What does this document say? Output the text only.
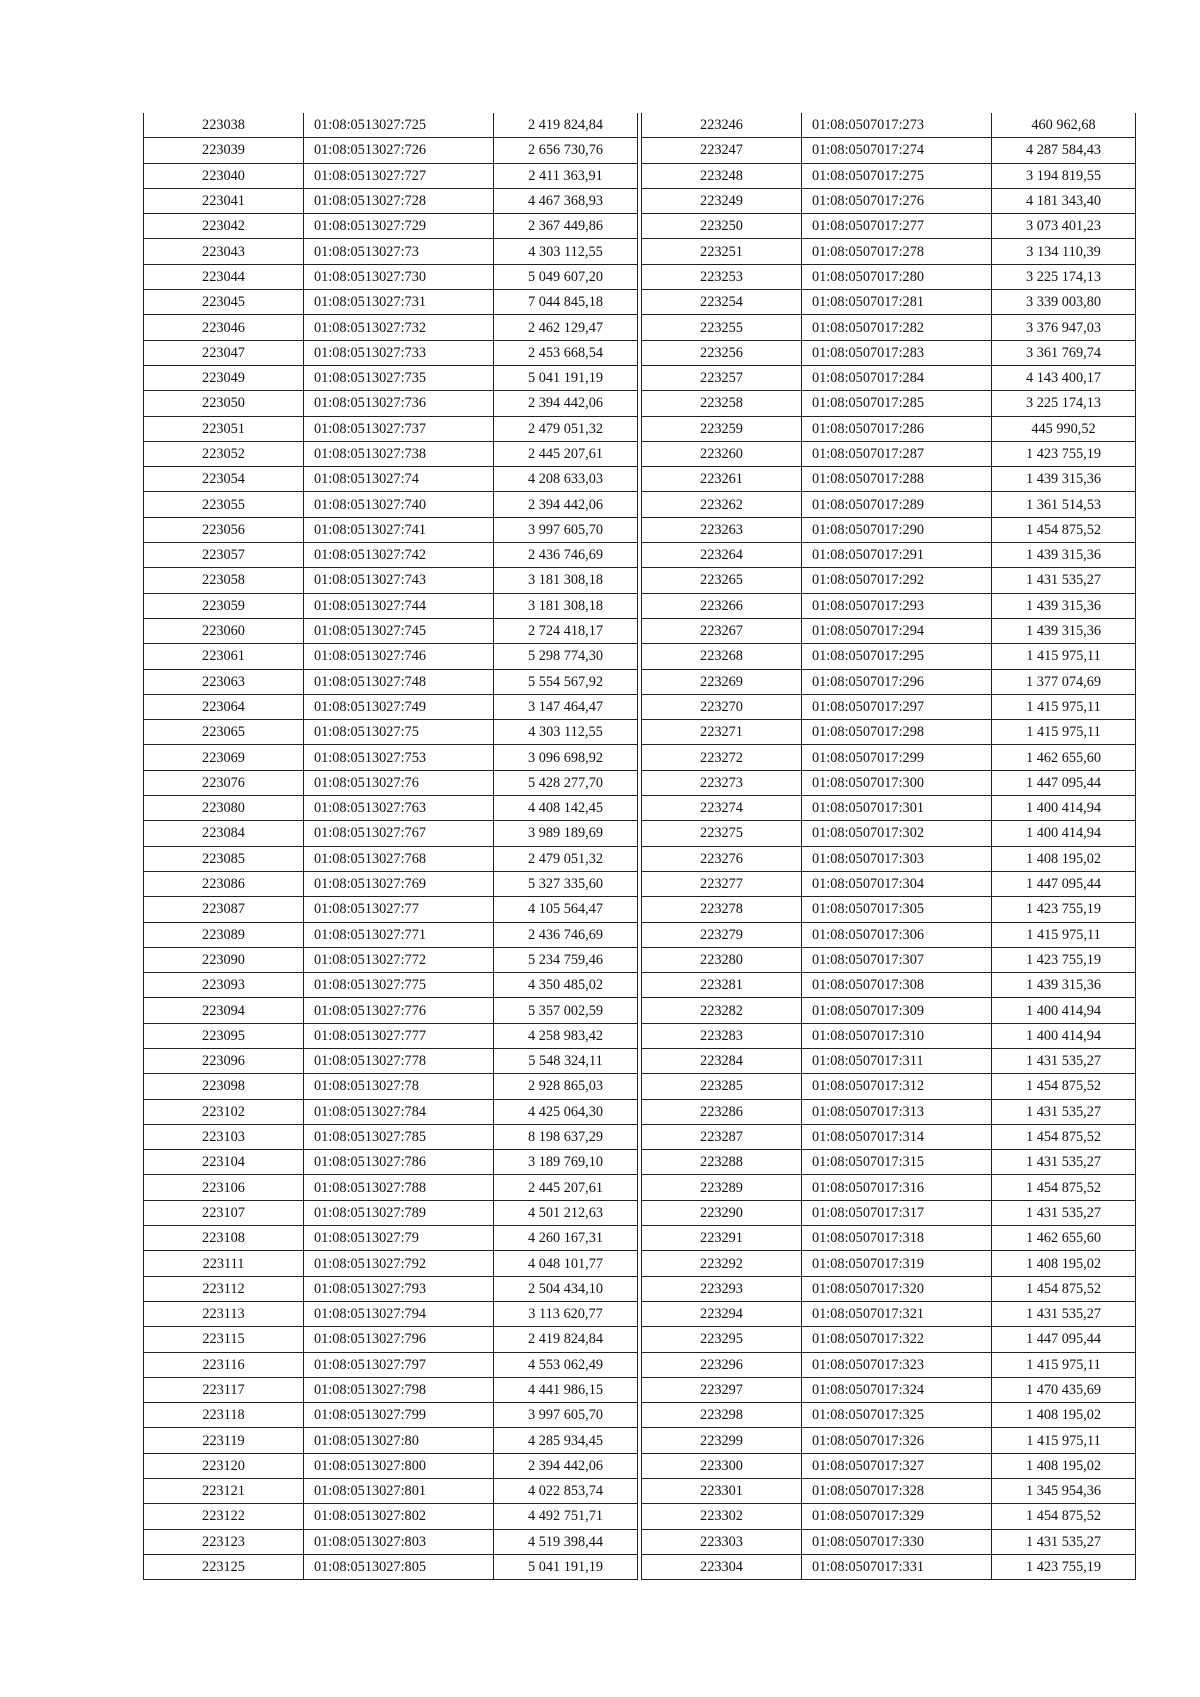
223038	01:08:0513027:725	2 419 824,84
223039	01:08:0513027:726	2 656 730,76
223040	01:08:0513027:727	2 411 363,91
223041	01:08:0513027:728	4 467 368,93
223042	01:08:0513027:729	2 367 449,86
223043	01:08:0513027:73	4 303 112,55
223044	01:08:0513027:730	5 049 607,20
223045	01:08:0513027:731	7 044 845,18
223046	01:08:0513027:732	2 462 129,47
223047	01:08:0513027:733	2 453 668,54
223049	01:08:0513027:735	5 041 191,19
223050	01:08:0513027:736	2 394 442,06
223051	01:08:0513027:737	2 479 051,32
223052	01:08:0513027:738	2 445 207,61
223054	01:08:0513027:74	4 208 633,03
223055	01:08:0513027:740	2 394 442,06
223056	01:08:0513027:741	3 997 605,70
223057	01:08:0513027:742	2 436 746,69
223058	01:08:0513027:743	3 181 308,18
223059	01:08:0513027:744	3 181 308,18
223060	01:08:0513027:745	2 724 418,17
223061	01:08:0513027:746	5 298 774,30
223063	01:08:0513027:748	5 554 567,92
223064	01:08:0513027:749	3 147 464,47
223065	01:08:0513027:75	4 303 112,55
223069	01:08:0513027:753	3 096 698,92
223076	01:08:0513027:76	5 428 277,70
223080	01:08:0513027:763	4 408 142,45
223084	01:08:0513027:767	3 989 189,69
223085	01:08:0513027:768	2 479 051,32
223086	01:08:0513027:769	5 327 335,60
223087	01:08:0513027:77	4 105 564,47
223089	01:08:0513027:771	2 436 746,69
223090	01:08:0513027:772	5 234 759,46
223093	01:08:0513027:775	4 350 485,02
223094	01:08:0513027:776	5 357 002,59
223095	01:08:0513027:777	4 258 983,42
223096	01:08:0513027:778	5 548 324,11
223098	01:08:0513027:78	2 928 865,03
223102	01:08:0513027:784	4 425 064,30
223103	01:08:0513027:785	8 198 637,29
223104	01:08:0513027:786	3 189 769,10
223106	01:08:0513027:788	2 445 207,61
223107	01:08:0513027:789	4 501 212,63
223108	01:08:0513027:79	4 260 167,31
223111	01:08:0513027:792	4 048 101,77
223112	01:08:0513027:793	2 504 434,10
223113	01:08:0513027:794	3 113 620,77
223115	01:08:0513027:796	2 419 824,84
223116	01:08:0513027:797	4 553 062,49
223117	01:08:0513027:798	4 441 986,15
223118	01:08:0513027:799	3 997 605,70
223119	01:08:0513027:80	4 285 934,45
223120	01:08:0513027:800	2 394 442,06
223121	01:08:0513027:801	4 022 853,74
223122	01:08:0513027:802	4 492 751,71
223123	01:08:0513027:803	4 519 398,44
223125	01:08:0513027:805	5 041 191,19
223246	01:08:0507017:273	460 962,68
223247	01:08:0507017:274	4 287 584,43
223248	01:08:0507017:275	3 194 819,55
223249	01:08:0507017:276	4 181 343,40
223250	01:08:0507017:277	3 073 401,23
223251	01:08:0507017:278	3 134 110,39
223253	01:08:0507017:280	3 225 174,13
223254	01:08:0507017:281	3 339 003,80
223255	01:08:0507017:282	3 376 947,03
223256	01:08:0507017:283	3 361 769,74
223257	01:08:0507017:284	4 143 400,17
223258	01:08:0507017:285	3 225 174,13
223259	01:08:0507017:286	445 990,52
223260	01:08:0507017:287	1 423 755,19
223261	01:08:0507017:288	1 439 315,36
223262	01:08:0507017:289	1 361 514,53
223263	01:08:0507017:290	1 454 875,52
223264	01:08:0507017:291	1 439 315,36
223265	01:08:0507017:292	1 431 535,27
223266	01:08:0507017:293	1 439 315,36
223267	01:08:0507017:294	1 439 315,36
223268	01:08:0507017:295	1 415 975,11
223269	01:08:0507017:296	1 377 074,69
223270	01:08:0507017:297	1 415 975,11
223271	01:08:0507017:298	1 415 975,11
223272	01:08:0507017:299	1 462 655,60
223273	01:08:0507017:300	1 447 095,44
223274	01:08:0507017:301	1 400 414,94
223275	01:08:0507017:302	1 400 414,94
223276	01:08:0507017:303	1 408 195,02
223277	01:08:0507017:304	1 447 095,44
223278	01:08:0507017:305	1 423 755,19
223279	01:08:0507017:306	1 415 975,11
223280	01:08:0507017:307	1 423 755,19
223281	01:08:0507017:308	1 439 315,36
223282	01:08:0507017:309	1 400 414,94
223283	01:08:0507017:310	1 400 414,94
223284	01:08:0507017:311	1 431 535,27
223285	01:08:0507017:312	1 454 875,52
223286	01:08:0507017:313	1 431 535,27
223287	01:08:0507017:314	1 454 875,52
223288	01:08:0507017:315	1 431 535,27
223289	01:08:0507017:316	1 454 875,52
223290	01:08:0507017:317	1 431 535,27
223291	01:08:0507017:318	1 462 655,60
223292	01:08:0507017:319	1 408 195,02
223293	01:08:0507017:320	1 454 875,52
223294	01:08:0507017:321	1 431 535,27
223295	01:08:0507017:322	1 447 095,44
223296	01:08:0507017:323	1 415 975,11
223297	01:08:0507017:324	1 470 435,69
223298	01:08:0507017:325	1 408 195,02
223299	01:08:0507017:326	1 415 975,11
223300	01:08:0507017:327	1 408 195,02
223301	01:08:0507017:328	1 345 954,36
223302	01:08:0507017:329	1 454 875,52
223303	01:08:0507017:330	1 431 535,27
223304	01:08:0507017:331	1 423 755,19
